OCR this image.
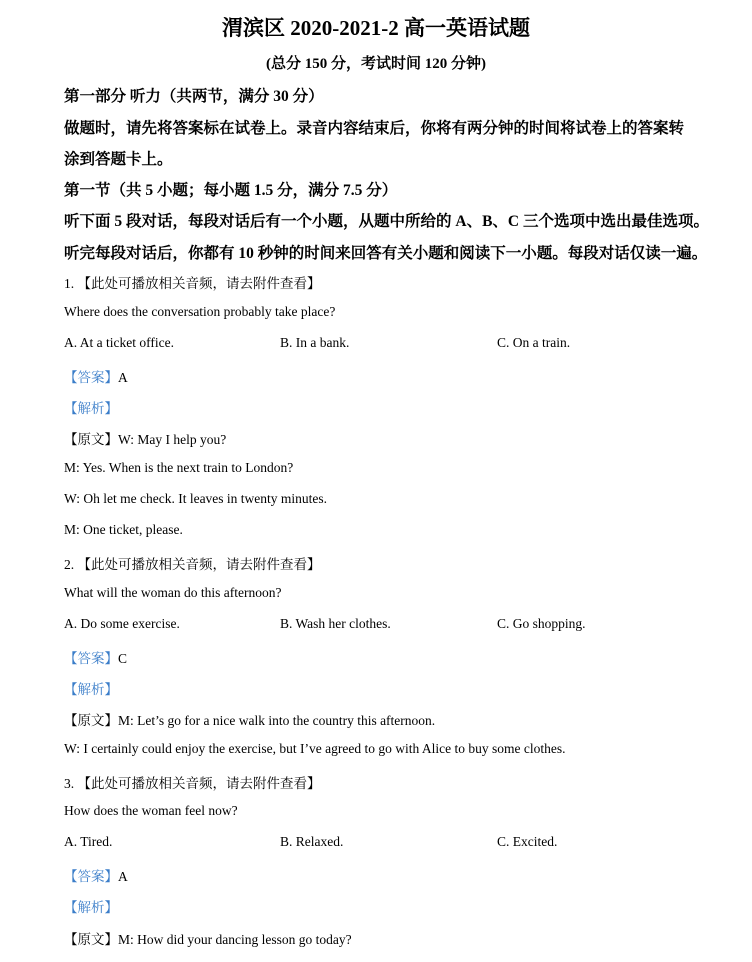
渭滨区 2020-2021-2 高一英语试题
(总分 150 分，考试时间 120 分钟)
第一部分 听力（共两节，满分 30 分）
做题时，请先将答案标在试卷上。录音内容结束后，你将有两分钟的时间将试卷上的答案转
涂到答题卡上。
第一节（共 5 小题；每小题 1.5 分，满分 7.5 分）
听下面 5 段对话，每段对话后有一个小题，从题中所给的 A、B、C 三个选项中选出最佳选项。
听完每段对话后，你都有 10 秒钟的时间来回答有关小题和阅读下一小题。每段对话仅读一遍。
1. 【此处可播放相关音频，请去附件查看】
Where does the conversation probably take place?
A. At a ticket office.	B. In a bank.	C. On a train.
【答案】A
【解析】
【原文】W: May I help you?
M: Yes. When is the next train to London?
W: Oh let me check. It leaves in twenty minutes.
M: One ticket, please.
2. 【此处可播放相关音频，请去附件查看】
What will the woman do this afternoon?
A. Do some exercise.	B. Wash her clothes.	C. Go shopping.
【答案】C
【解析】
【原文】M: Let’s go for a nice walk into the country this afternoon.
W: I certainly could enjoy the exercise, but I’ve agreed to go with Alice to buy some clothes.
3. 【此处可播放相关音频，请去附件查看】
How does the woman feel now?
A. Tired.	B. Relaxed.	C. Excited.
【答案】A
【解析】
【原文】M: How did your dancing lesson go today?
